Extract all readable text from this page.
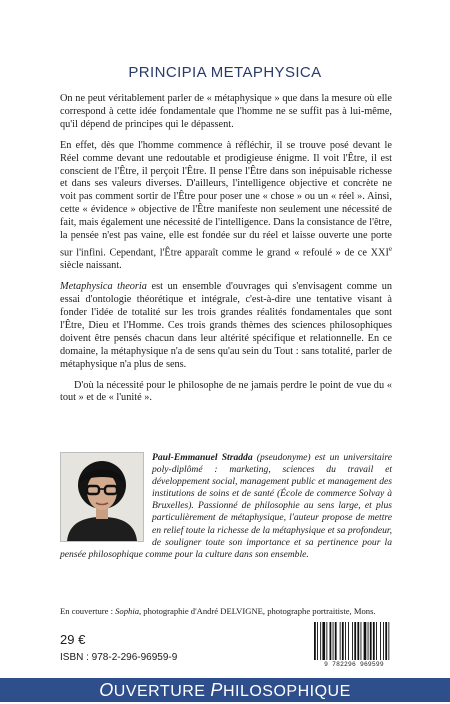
PRINCIPIA METAPHYSICA

On ne peut véritablement parler de « métaphysique » que dans la mesure où elle correspond à cette idée fondamentale que l'homme ne se suffit pas à lui-même, qu'il dépend de principes qui le dépassent.

En effet, dès que l'homme commence à réfléchir, il se trouve posé devant le Réel comme devant une redoutable et prodigieuse énigme. Il voit l'Être, il est conscient de l'Être, il perçoit l'Être. Il pense l'Être dans son inépuisable richesse et dans ses valeurs diverses. D'ailleurs, l'intelligence objective et concrète ne voit pas comment sortir de l'Être pour poser une « chose » ou un « réel ». Ainsi, cette « évidence » objective de l'Être manifeste non seulement une nécessité de fait, mais également une nécessité de l'intelligence. Dans la consistance de l'être, la pensée n'est pas vaine, elle est fondée sur du réel et laisse ouverte une porte sur l'infini. Cependant, l'Être apparaît comme le grand « refoulé » de ce XXIe siècle naissant.

Metaphysica theoria est un ensemble d'ouvrages qui s'envisagent comme un essai d'ontologie théorétique et intégrale, c'est-à-dire une tentative visant à fonder l'idée de totalité sur les trois grandes réalités fondamentales que sont l'Être, Dieu et l'Homme. Ces trois grands thèmes des sciences philosophiques doivent être pensés chacun dans leur altérité spécifique et relationnelle. En ce domaine, la métaphysique n'a de sens qu'au sein du Tout : sans totalité, parler de métaphysique n'a plus de sens.

D'où la nécessité pour le philosophe de ne jamais perdre le point de vue du « tout » et de « l'unité ».

Paul-Emmanuel Stradda (pseudonyme) est un universitaire poly-diplômé : marketing, sciences du travail et développement social, management public et management des institutions de soins et de santé (École de commerce Solvay à Bruxelles). Passionné de philosophie au sens large, et plus particulièrement de métaphysique, l'auteur propose de mettre en relief toute la richesse de la métaphysique et sa profondeur, de souligner toute son importance et sa pertinence pour la pensée philosophique comme pour la culture dans son ensemble.
En couverture : Sophia, photographie d'André DELVIGNE, photographe portraitiste, Mons.
29 €
ISBN : 978-2-296-96959-9
9 782296 969599
OUVERTURE PHILOSOPHIQUE
